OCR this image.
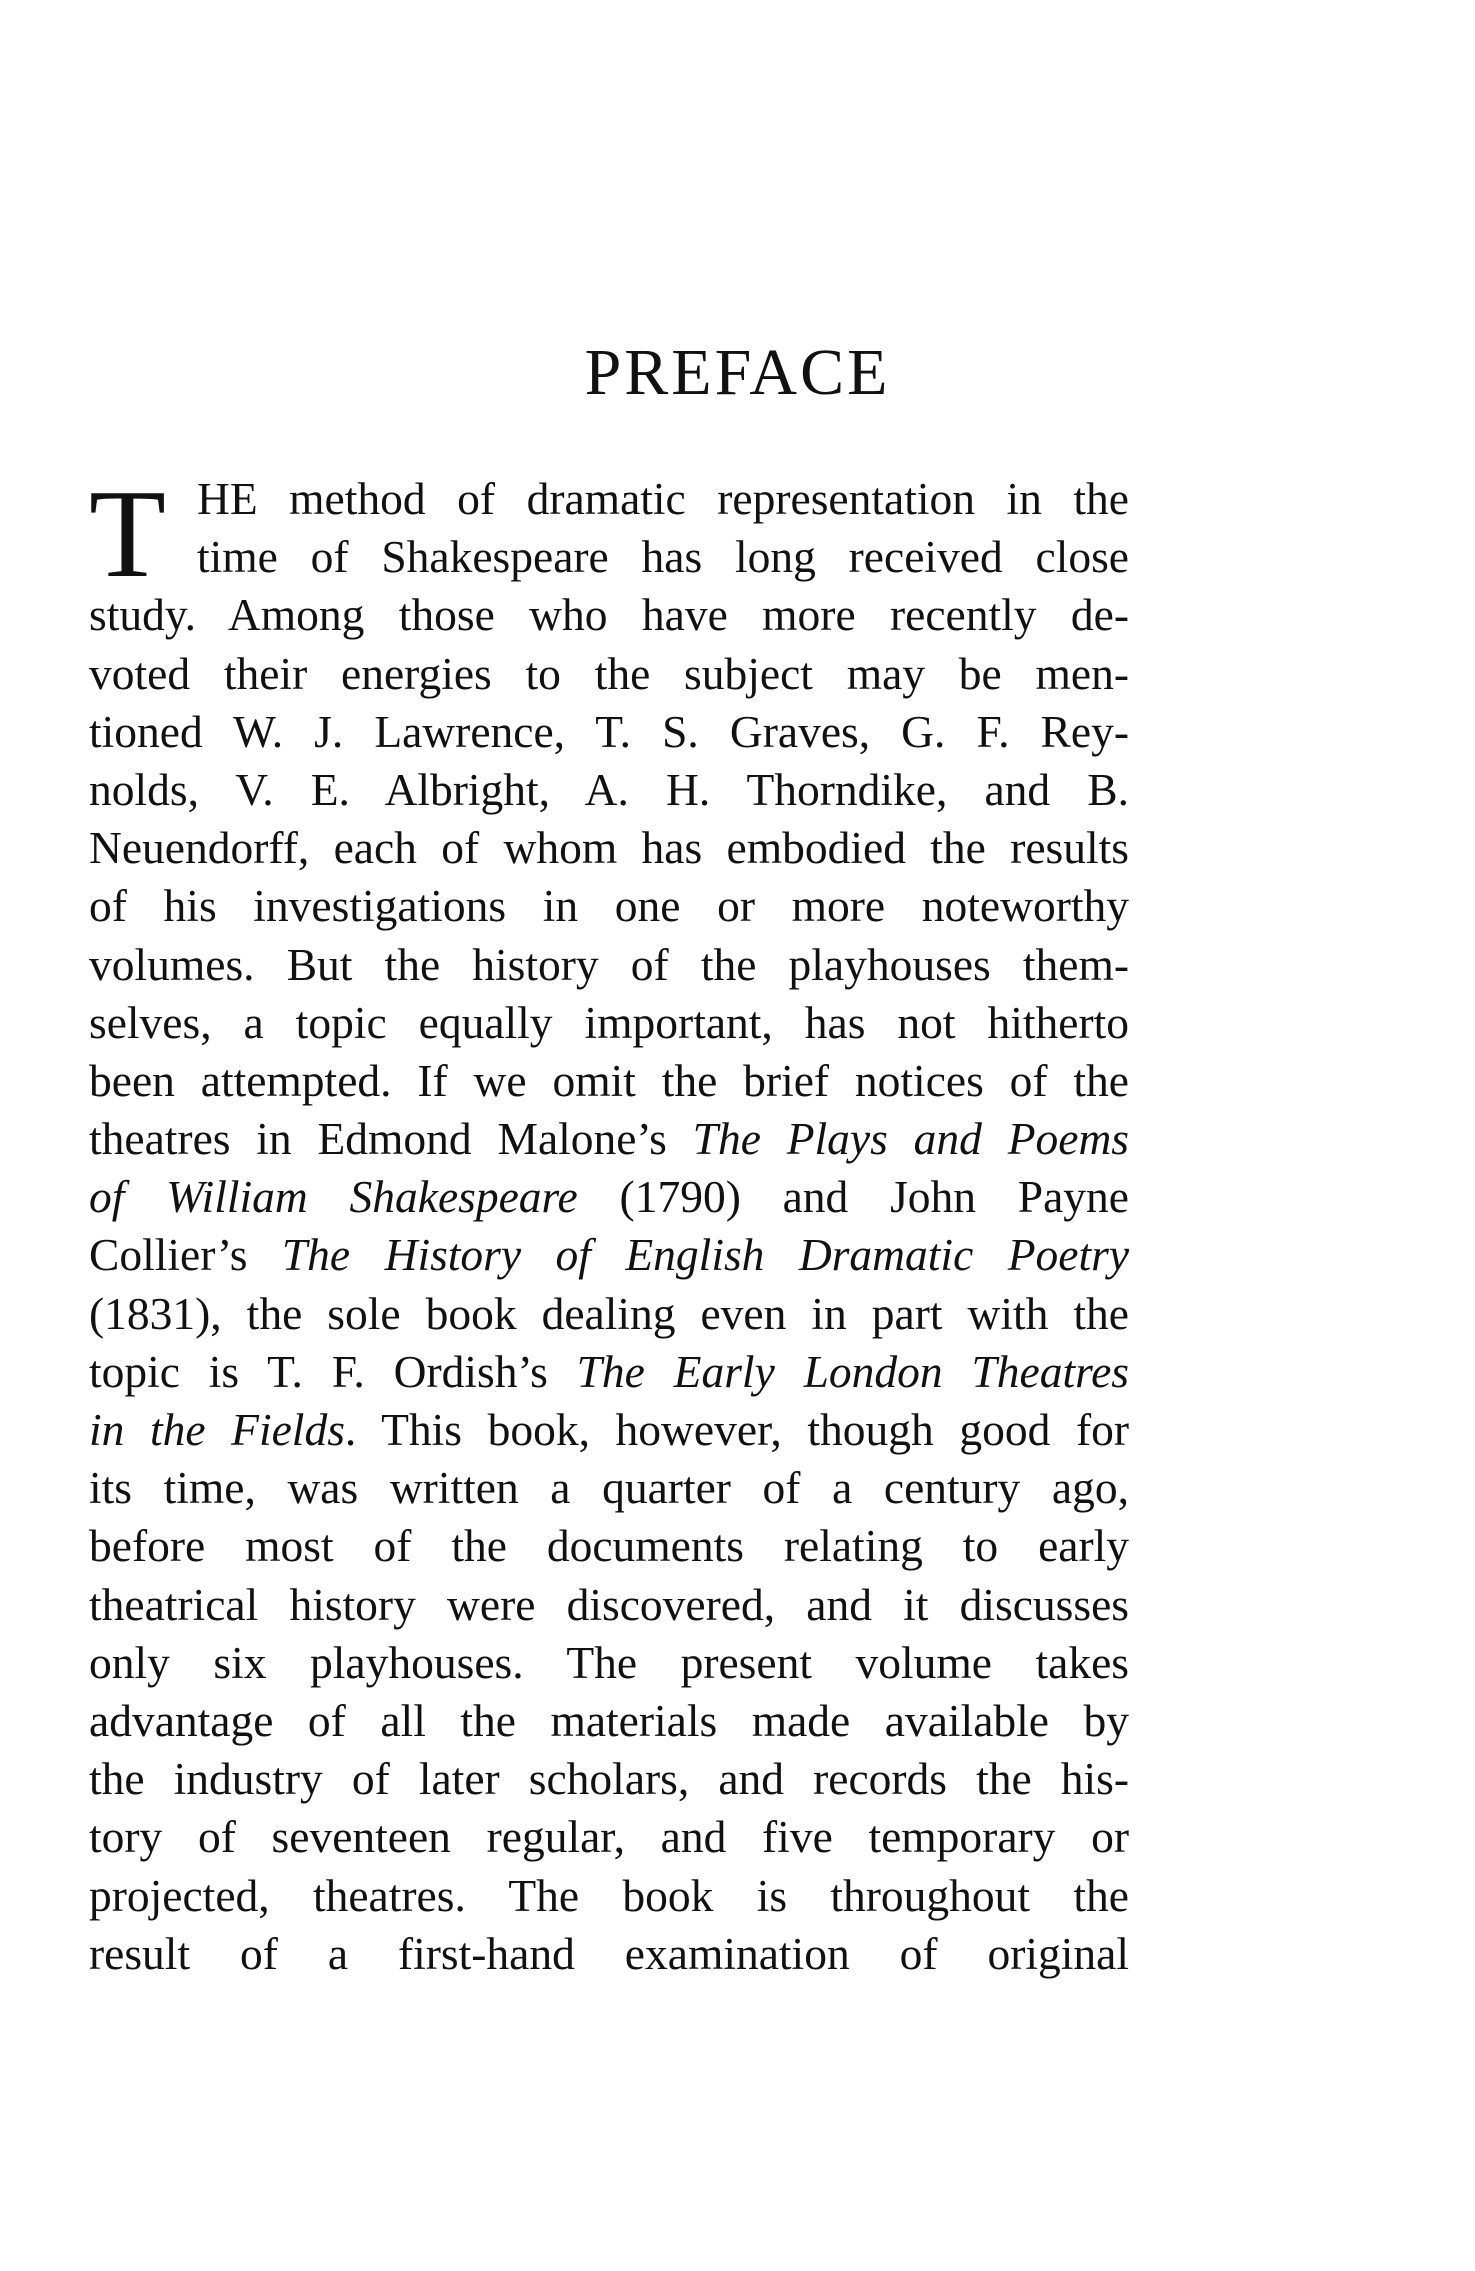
PREFACE
T HE method of dramatic representation in the
time of Shakespeare has long received close
study. Among those who have more recently de-
voted their energies to the subject may be men-
tioned W. J. Lawrence, T. S. Graves, G. F. Rey-
nolds, V. E. Albright, A. H. Thorndike, and B.
Neuendorff, each of whom has embodied the results
of his investigations in one or more noteworthy
volumes. But the history of the playhouses them-
selves, a topic equally important, has not hitherto
been attempted. If we omit the brief notices of the
theatres in Edmond Malone’s The Plays and Poems
of William Shakespeare (1790) and John Payne
Collier’s The History of English Dramatic Poetry
(1831), the sole book dealing even in part with the
topic is T. F. Ordish’s The Early London Theatres
in the Fields. This book, however, though good for
its time, was written a quarter of a century ago,
before most of the documents relating to early
theatrical history were discovered, and it discusses
only six playhouses. The present volume takes
advantage of all the materials made available by
the industry of later scholars, and records the his-
tory of seventeen regular, and five temporary or
projected, theatres. The book is throughout the
result of a first-hand examination of original
